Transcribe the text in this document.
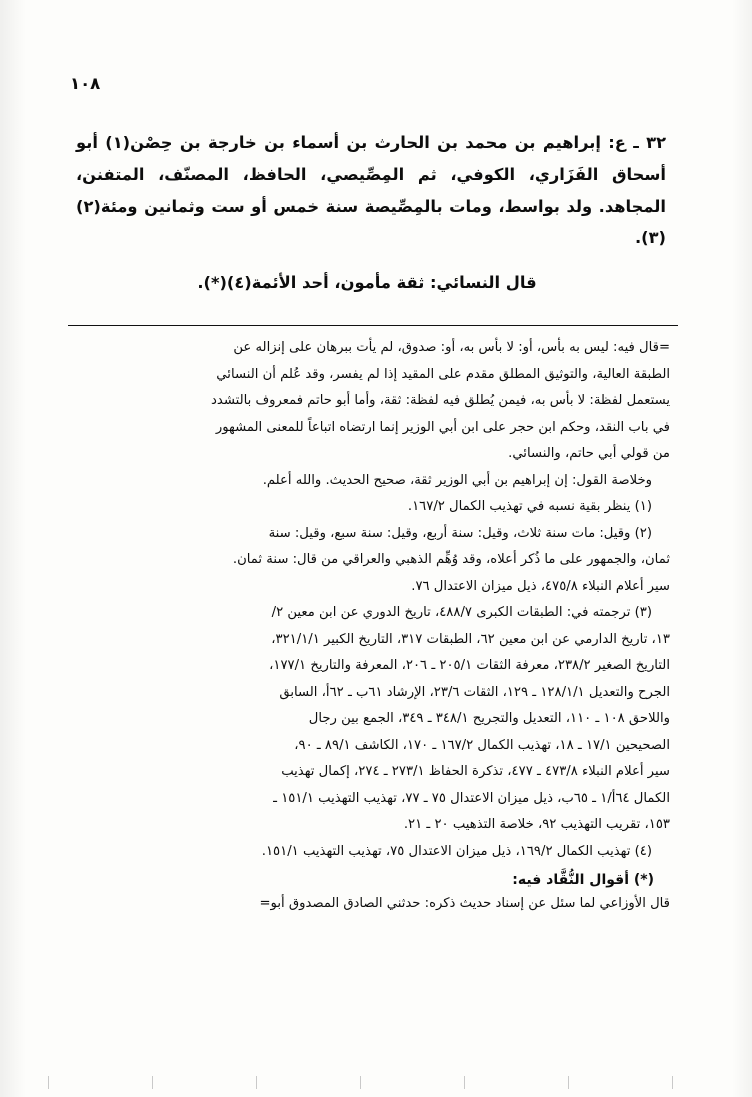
١٠٨

٣٢ ـ ع: إبراهيم بن محمد بن الحارث بن أسماء بن خارجة بن حِصْن(١) أبو أسحاق الفَزَاري، الكوفي، ثم المِصِّيصي، الحافظ، المصنّف، المتفنن، المجاهد. ولد بواسط، ومات بالمِصِّيصة سنة خمس أو ست وثمانين ومئة(٢)(٣).

قال النسائي: ثقة مأمون، أحد الأئمة(٤)(*).

=قال فيه: ليس به بأس، أو: لا بأس به، أو: صدوق، لم يأت ببرهان على إنزاله عن

الطبقة العالية، والتوثيق المطلق مقدم على المقيد إذا لم يفسر، وقد عُلم أن النسائي

يستعمل لفظة: لا بأس به، فيمن يُطلق فيه لفظة: ثقة، وأما أبو حاتم فمعروف بالتشدد

في باب النقد، وحكم ابن حجر على ابن أبي الوزير إنما ارتضاه اتباعاً للمعنى المشهور

من قولي أبي حاتم، والنسائي.

وخلاصة القول: إن إبراهيم بن أبي الوزير ثقة، صحيح الحديث. والله أعلم.

(١) ينظر بقية نسبه في تهذيب الكمال ١٦٧/٢.

(٢) وقيل: مات سنة ثلاث، وقيل: سنة أربع، وقيل: سنة سبع، وقيل: سنة

ثمان، والجمهور على ما ذُكر أعلاه، وقد وُهِّم الذهبي والعراقي من قال: سنة ثمان.

سير أعلام النبلاء ٤٧٥/٨، ذيل ميزان الاعتدال ٧٦.

(٣) ترجمته في: الطبقات الكبرى ٤٨٨/٧، تاريخ الدوري عن ابن معين ٢/

١٣، تاريخ الدارمي عن ابن معين ٦٢، الطبقات ٣١٧، التاريخ الكبير ٣٢١/١/١،

التاريخ الصغير ٢٣٨/٢، معرفة الثقات ٢٠٥/١ ـ ٢٠٦، المعرفة والتاريخ ١٧٧/١،

الجرح والتعديل ١٢٨/١/١ ـ ١٢٩، الثقات ٢٣/٦، الإرشاد ٦١ب ـ ٦٢أ، السابق

واللاحق ١٠٨ ـ ١١٠، التعديل والتجريح ٣٤٨/١ ـ ٣٤٩، الجمع بين رجال

الصحيحين ١٧/١ ـ ١٨، تهذيب الكمال ١٦٧/٢ ـ ١٧٠، الكاشف ٨٩/١ ـ ٩٠،

سير أعلام النبلاء ٤٧٣/٨ ـ ٤٧٧، تذكرة الحفاظ ٢٧٣/١ ـ ٢٧٤، إكمال تهذيب

الكمال ٦٤أ/١ ـ ٦٥ب، ذيل ميزان الاعتدال ٧٥ ـ ٧٧، تهذيب التهذيب ١٥١/١ ـ

١٥٣، تقريب التهذيب ٩٢، خلاصة التذهيب ٢٠ ـ ٢١.

(٤) تهذيب الكمال ١٦٩/٢، ذيل ميزان الاعتدال ٧٥، تهذيب التهذيب ١٥١/١.

(*) أقوال النُّقَّاد فيه:

قال الأوزاعي لما سئل عن إسناد حديث ذكره: حدثني الصادق المصدوق أبو=
